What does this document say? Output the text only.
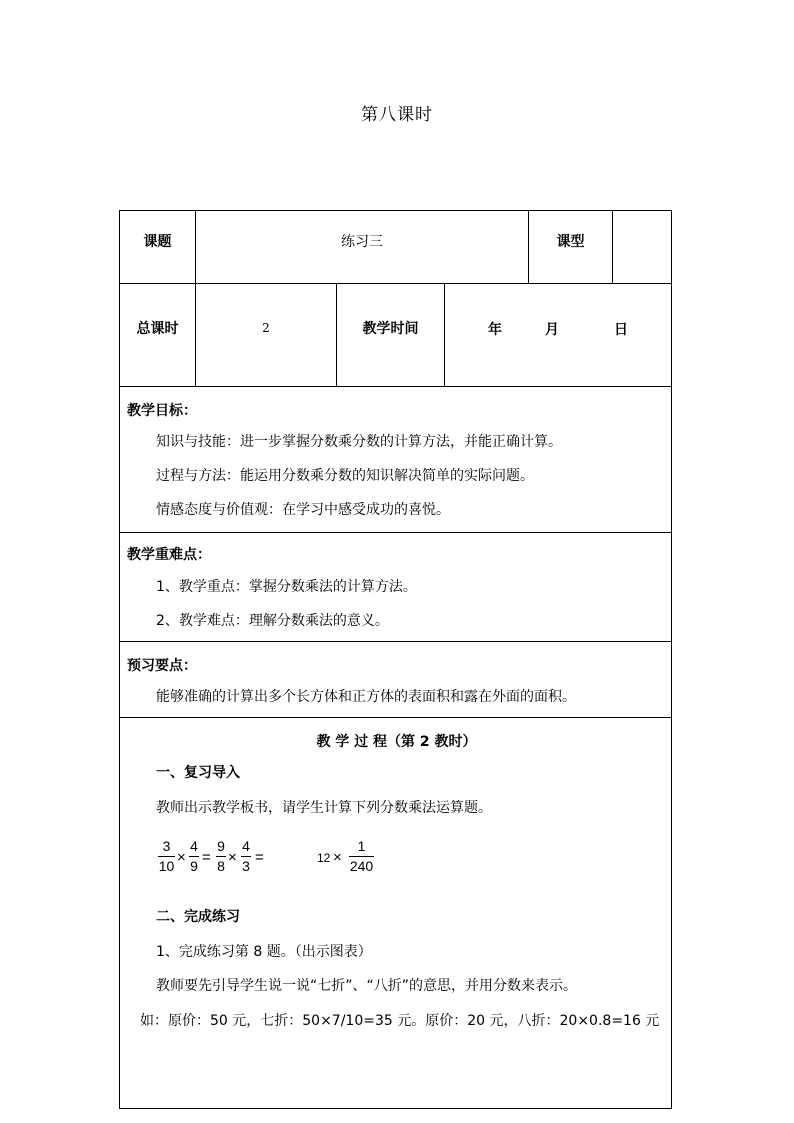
第八课时
课题	练习三	课型
总课时	2	教学时间	年	月	日
教学目标：
知识与技能：进一步掌握分数乘分数的计算方法，并能正确计算。
过程与方法：能运用分数乘分数的知识解决简单的实际问题。
情感态度与价值观：在学习中感受成功的喜悦。
教学重难点：
1、教学重点：掌握分数乘法的计算方法。
2、教学难点：理解分数乘法的意义。
预习要点：
能够准确的计算出多个长方体和正方体的表面积和露在外面的面积。
教 学 过 程（第 2 教时）
一、复习导入
教师出示教学板书，请学生计算下列分数乘法运算题。
3
10 ×
4
9 =
9
8 ×
4
3 =	12 ×
1
240
二、完成练习
1、完成练习第 8 题。（出示图表）
教师要先引导学生说一说“七折”、“八折”的意思，并用分数来表示。
如：原价：50 元，七折：50×7/10=35 元。原价：20 元，八折：20×0.8=16 元
